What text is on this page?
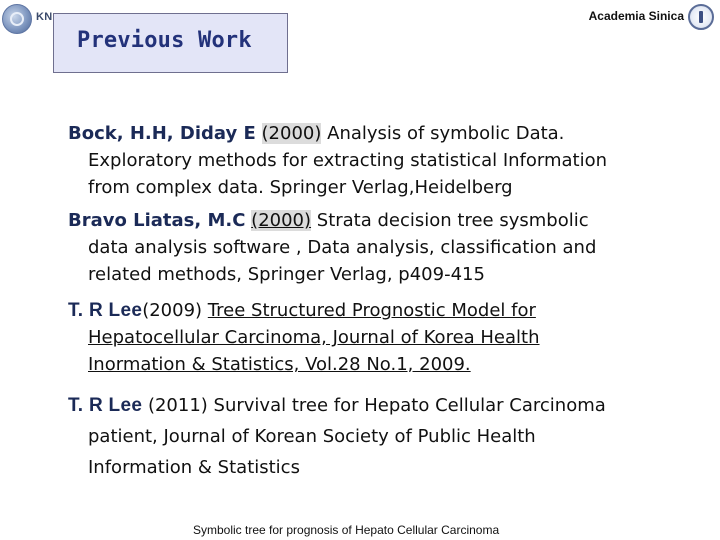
KN
Previous Work
Academia Sinica
Bock, H.H, Diday E (2000) Analysis of symbolic Data.
Exploratory methods for extracting statistical Information
from complex data. Springer Verlag,Heidelberg
Bravo Liatas, M.C (2000) Strata decision tree sysmbolic
data analysis software , Data analysis, classification and
related methods, Springer Verlag, p409-415
T. R Lee(2009) Tree Structured Prognostic Model for
Hepatocellular Carcinoma, Journal of Korea Health
Inormation & Statistics, Vol.28 No.1, 2009.
T. R Lee (2011) Survival tree for Hepato Cellular Carcinoma
patient, Journal of Korean Society of Public Health
Information & Statistics
Symbolic tree for prognosis of Hepato Cellular Carcinoma
